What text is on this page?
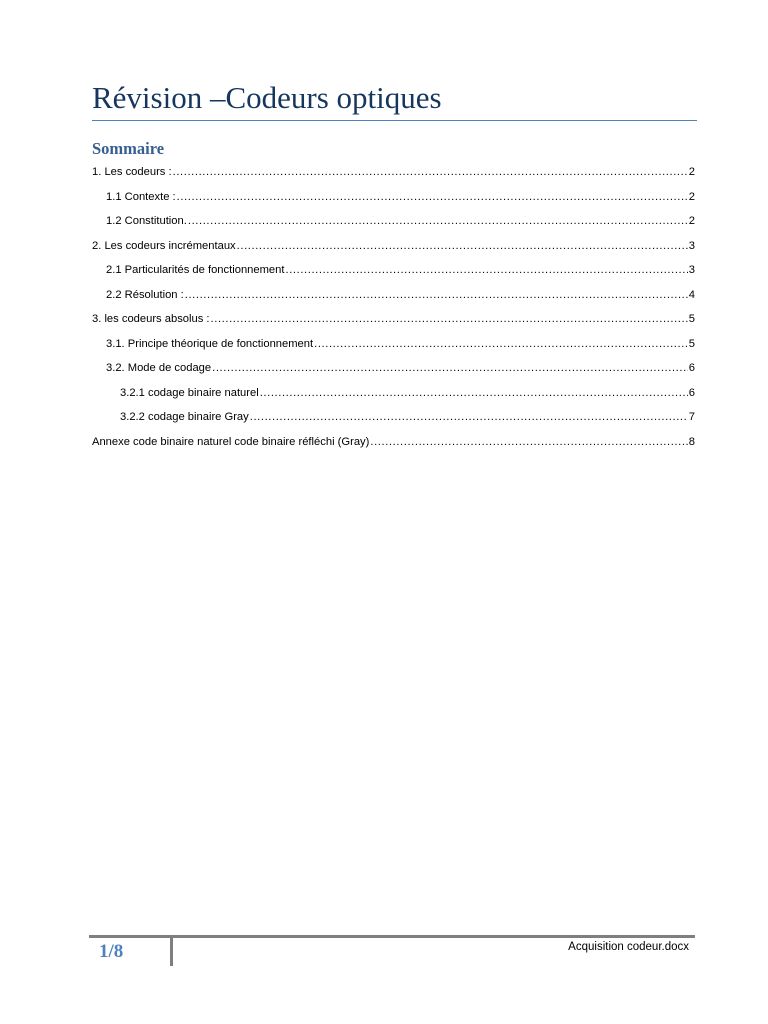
Révision –Codeurs optiques
Sommaire
1. Les codeurs : .....	2
1.1 Contexte : .....	2
1.2 Constitution. .....	2
2. Les codeurs incrémentaux .....	3
2.1 Particularités de fonctionnement .....	3
2.2 Résolution : .....	4
3. les codeurs absolus : .....	5
3.1. Principe théorique de fonctionnement .....	5
3.2. Mode de codage .....	6
3.2.1 codage binaire naturel .....	6
3.2.2 codage binaire Gray .....	7
Annexe code binaire naturel code binaire réfléchi (Gray) .....	8
1/8	Acquisition codeur.docx
